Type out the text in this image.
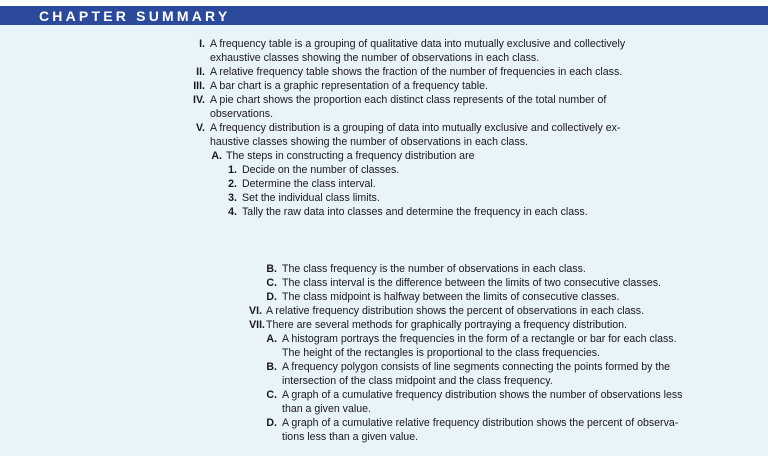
CHAPTER SUMMARY
I. A frequency table is a grouping of qualitative data into mutually exclusive and collectively
exhaustive classes showing the number of observations in each class.
II. A relative frequency table shows the fraction of the number of frequencies in each class.
III. A bar chart is a graphic representation of a frequency table.
IV. A pie chart shows the proportion each distinct class represents of the total number of
observations.
V. A frequency distribution is a grouping of data into mutually exclusive and collectively ex-
haustive classes showing the number of observations in each class.
A. The steps in constructing a frequency distribution are
1. Decide on the number of classes.
2. Determine the class interval.
3. Set the individual class limits.
4. Tally the raw data into classes and determine the frequency in each class.
B. The class frequency is the number of observations in each class.
C. The class interval is the difference between the limits of two consecutive classes.
D. The class midpoint is halfway between the limits of consecutive classes.
VI. A relative frequency distribution shows the percent of observations in each class.
VII. There are several methods for graphically portraying a frequency distribution.
A. A histogram portrays the frequencies in the form of a rectangle or bar for each class.
The height of the rectangles is proportional to the class frequencies.
B. A frequency polygon consists of line segments connecting the points formed by the
intersection of the class midpoint and the class frequency.
C. A graph of a cumulative frequency distribution shows the number of observations less
than a given value.
D. A graph of a cumulative relative frequency distribution shows the percent of observa-
tions less than a given value.
